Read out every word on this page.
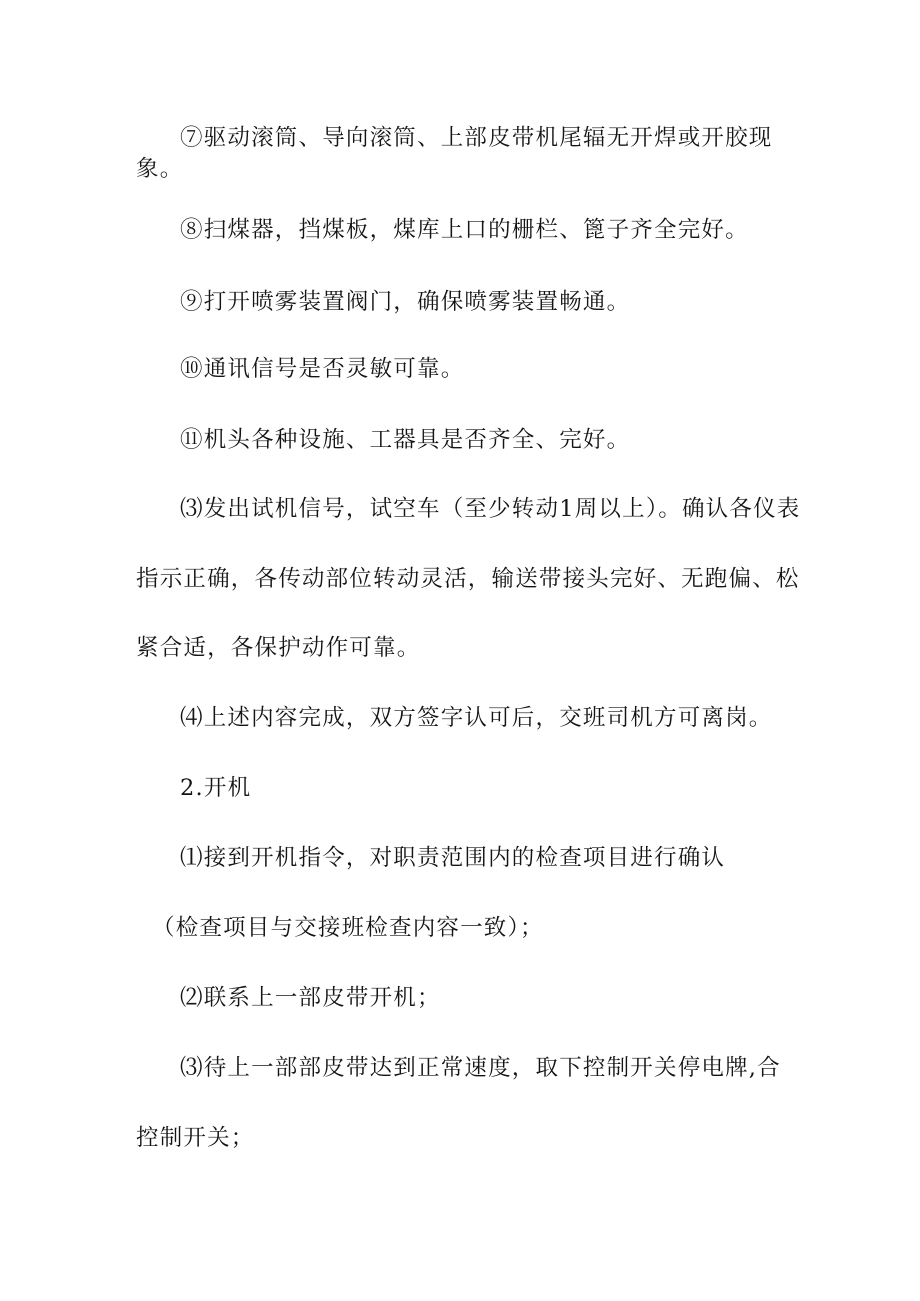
⑦驱动滚筒、导向滚筒、上部皮带机尾辐无开焊或开胶现

象。

⑧扫煤器，挡煤板，煤库上口的栅栏、篦子齐全完好。

⑨打开喷雾装置阀门，确保喷雾装置畅通。

⑩通讯信号是否灵敏可靠。

⑪机头各种设施、工器具是否齐全、完好。

⑶发出试机信号，试空车（至少转动1周以上）。确认各仪表

指示正确，各传动部位转动灵活，输送带接头完好、无跑偏、松

紧合适，各保护动作可靠。

⑷上述内容完成，双方签字认可后，交班司机方可离岗。

2.开机

⑴接到开机指令，对职责范围内的检查项目进行确认

（检查项目与交接班检查内容一致）；

⑵联系上一部皮带开机；

⑶待上一部部皮带达到正常速度，取下控制开关停电牌,合

控制开关；
